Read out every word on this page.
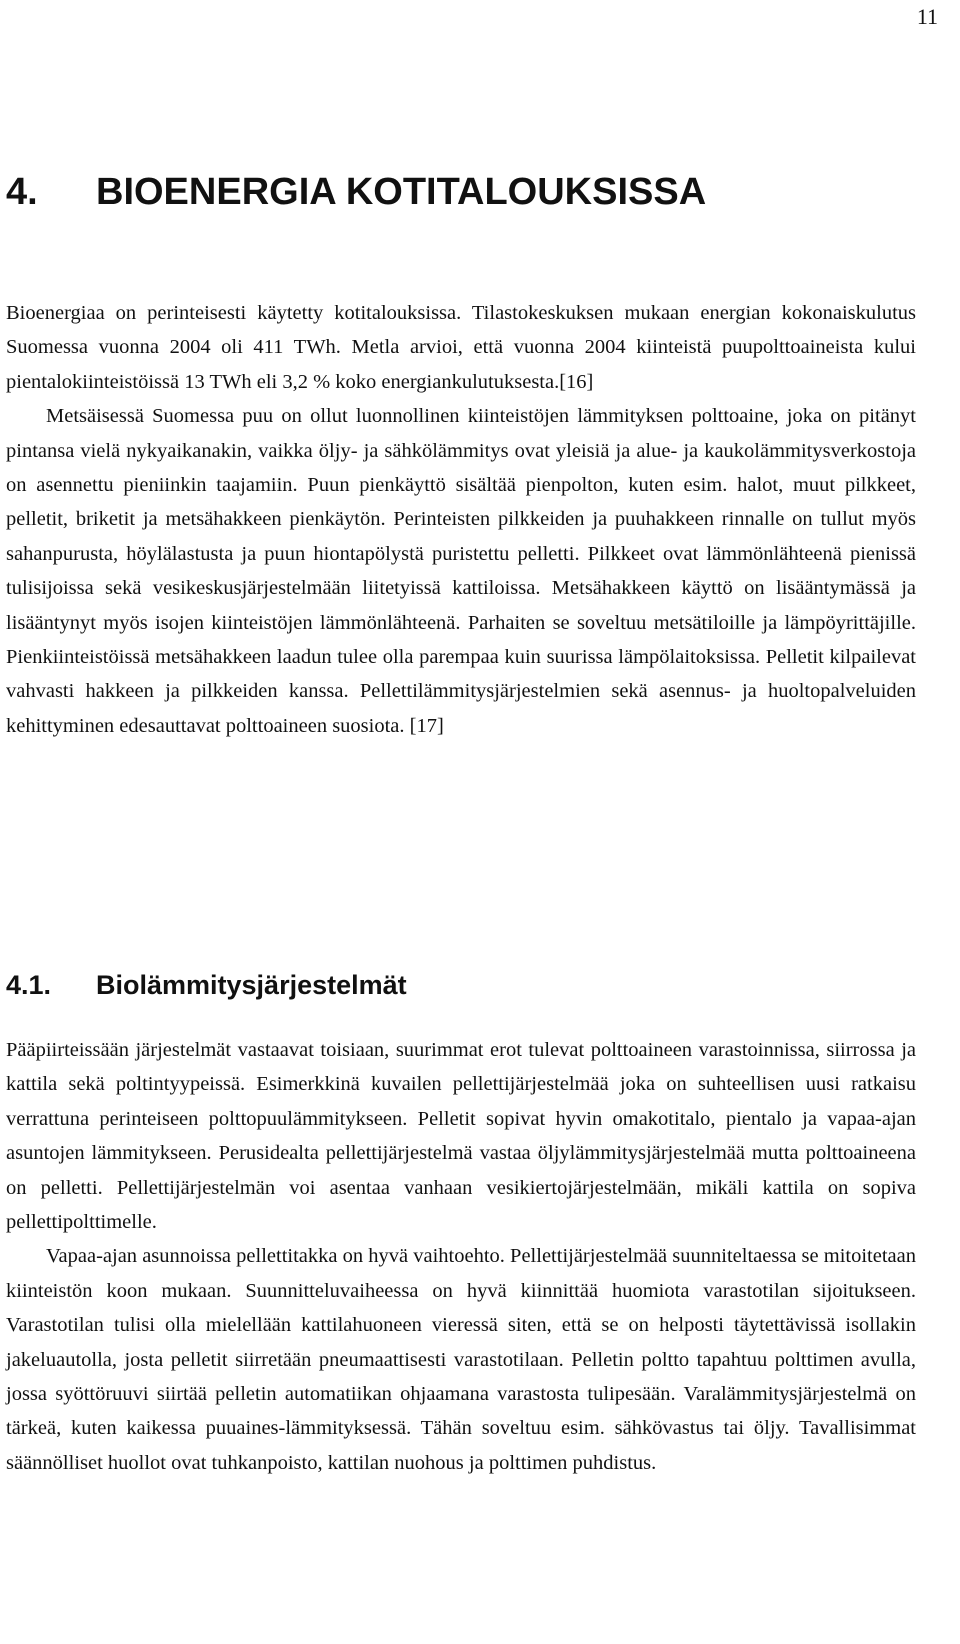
11
4. BIOENERGIA KOTITALOUKSISSA

Bioenergiaa on perinteisesti käytetty kotitalouksissa. Tilastokeskuksen mukaan energian kokonaiskulutus Suomessa vuonna 2004 oli 411 TWh. Metla arvioi, että vuonna 2004 kiinteistä puupolttoaineista kului pientalokiinteistöissä 13 TWh eli 3,2 % koko energiankulutuksesta.[16]

Metsäisessä Suomessa puu on ollut luonnollinen kiinteistöjen lämmityksen polttoaine, joka on pitänyt pintansa vielä nykyaikanakin, vaikka öljy- ja sähkölämmitys ovat yleisiä ja alue- ja kaukolämmitysverkostoja on asennettu pieniinkin taajamiin. Puun pienkäyttö sisältää pienpolton, kuten esim. halot, muut pilkkeet, pelletit, briketit ja metsähakkeen pienkäytön. Perinteisten pilkkeiden ja puuhakkeen rinnalle on tullut myös sahanpurusta, höylälastusta ja puun hiontapölystä puristettu pelletti. Pilkkeet ovat lämmönlähteenä pienissä tulisijoissa sekä vesikeskusjärjestelmään liitetyissä kattiloissa. Metsähakkeen käyttö on lisääntymässä ja lisääntynyt myös isojen kiinteistöjen lämmönlähteenä. Parhaiten se soveltuu metsätiloille ja lämpöyrittäjille. Pienkiinteistöissä metsähakkeen laadun tulee olla parempaa kuin suurissa lämpölaitoksissa. Pelletit kilpailevat vahvasti hakkeen ja pilkkeiden kanssa. Pellettilämmitysjärjestelmien sekä asennus- ja huoltopalveluiden kehittyminen edesauttavat polttoaineen suosiota. [17]

4.1. Biolämmitysjärjestelmät

Pääpiirteissään järjestelmät vastaavat toisiaan, suurimmat erot tulevat polttoaineen varastoinnissa, siirrossa ja kattila sekä poltintyypeissä. Esimerkkinä kuvailen pellettijärjestelmää joka on suhteellisen uusi ratkaisu verrattuna perinteiseen polttopuulämmitykseen. Pelletit sopivat hyvin omakotitalo, pientalo ja vapaa-ajan asuntojen lämmitykseen. Perusidealta pellettijärjestelmä vastaa öljylämmitysjärjestelmää mutta polttoaineena on pelletti. Pellettijärjestelmän voi asentaa vanhaan vesikiertojärjestelmään, mikäli kattila on sopiva pellettipolttimelle.

Vapaa-ajan asunnoissa pellettitakka on hyvä vaihtoehto. Pellettijärjestelmää suunniteltaessa se mitoitetaan kiinteistön koon mukaan. Suunnitteluvaiheessa on hyvä kiinnittää huomiota varastotilan sijoitukseen. Varastotilan tulisi olla mielellään kattilahuoneen vieressä siten, että se on helposti täytettävissä isollakin jakeluautolla, josta pelletit siirretään pneumaattisesti varastotilaan. Pelletin poltto tapahtuu polttimen avulla, jossa syöttöruuvi siirtää pelletin automatiikan ohjaamana varastosta tulipesään. Varalämmitysjärjestelmä on tärkeä, kuten kaikessa puuaines-lämmityksessä. Tähän soveltuu esim. sähkövastus tai öljy. Tavallisimmat säännölliset huollot ovat tuhkanpoisto, kattilan nuohous ja polttimen puhdistus.
